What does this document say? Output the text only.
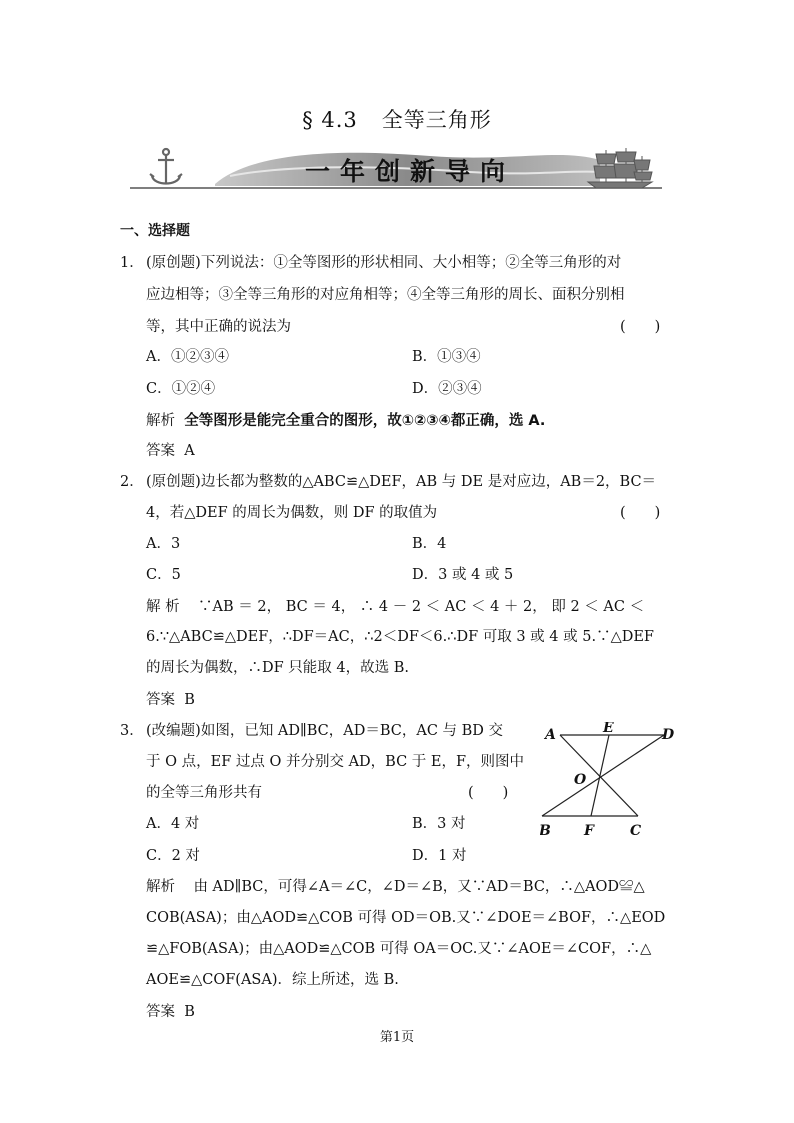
§ 4.3 全等三角形
一年创新导向
一、选择题
1． (原创题)下列说法：①全等图形的形状相同、大小相等；②全等三角形的对
应边相等；③全等三角形的对应角相等；④全等三角形的周长、面积分别相
等，其中正确的说法为	(　　)
A．①②③④	B．①③④
C．①②④	D．②③④
解析 全等图形是能完全重合的图形，故①②③④都正确，选 A.
答案 A
2． (原创题)边长都为整数的△ABC≌△DEF，AB 与 DE 是对应边，AB＝2，BC＝
4，若△DEF 的周长为偶数，则 DF 的取值为	(　　)
A．3	B．4
C．5	D．3 或 4 或 5
解 析 ∵AB ＝ 2， BC ＝ 4， ∴ 4 － 2 ＜ AC ＜ 4 ＋ 2， 即 2 ＜ AC ＜
6.∵△ABC≌△DEF，∴DF＝AC，∴2＜DF＜6.∴DF 可取 3 或 4 或 5.∵△DEF
的周长为偶数，∴DF 只能取 4，故选 B.
答案 B
3． (改编题)如图，已知 AD∥BC，AD＝BC，AC 与 BD 交
于 O 点，EF 过点 O 并分别交 AD，BC 于 E，F，则图中
的全等三角形共有	(　　)
A．4 对	B．3 对
C．2 对	D．1 对
A	E	D
O
B F	C
解析 由 AD∥BC，可得∠A＝∠C，∠D＝∠B，又∵AD＝BC，∴△AOD≌△
COB(ASA)；由△AOD≌△COB 可得 OD＝OB.又∵∠DOE＝∠BOF，∴△EOD
≌△FOB(ASA)；由△AOD≌△COB 可得 OA＝OC.又∵∠AOE＝∠COF，∴△
AOE≌△COF(ASA)．综上所述，选 B.
答案 B
第1页
